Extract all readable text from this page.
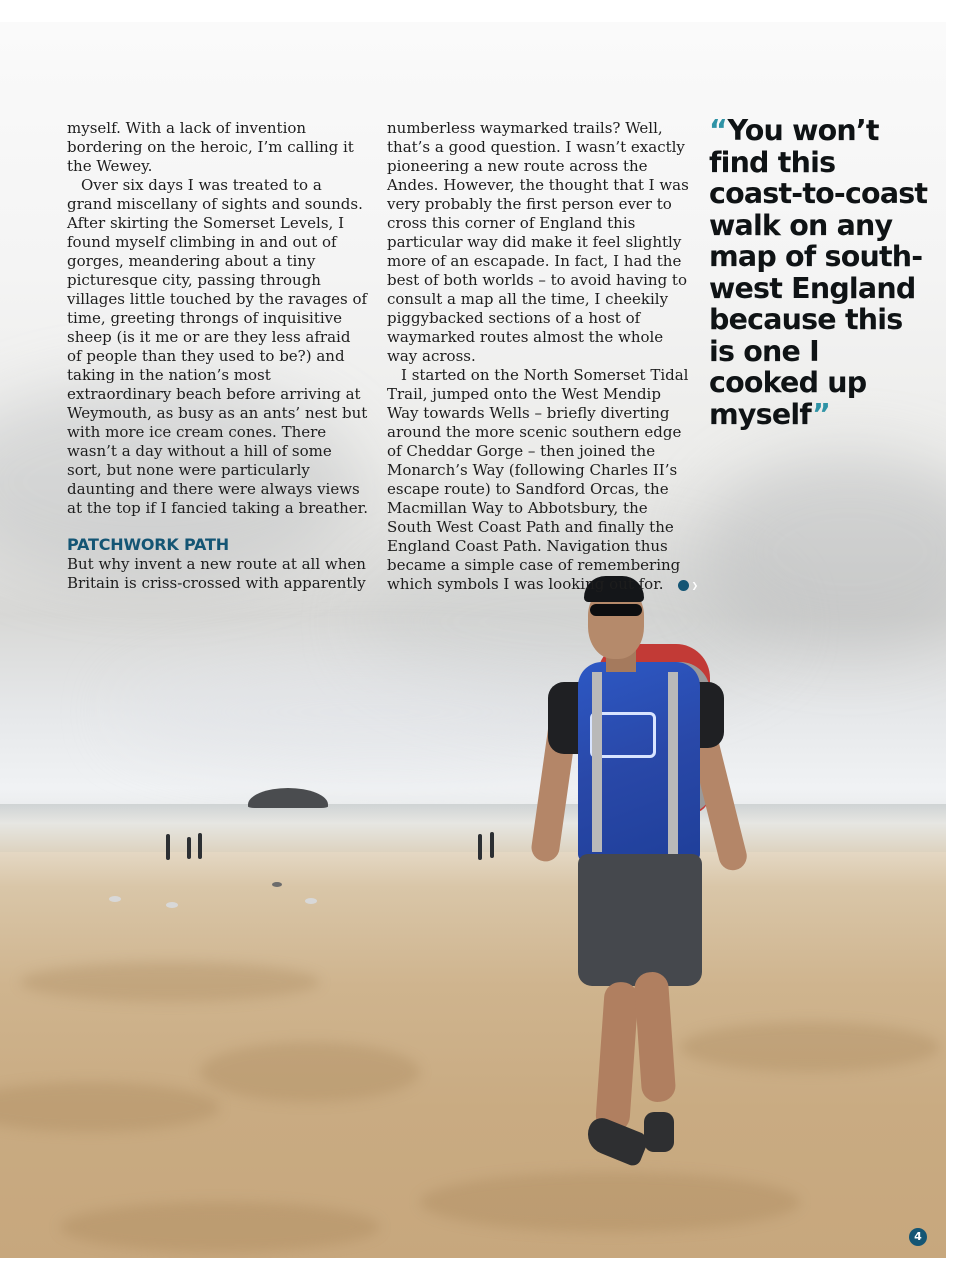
myself. With a lack of invention bordering on the heroic, I’m calling it the Wewey.

Over six days I was treated to a grand miscellany of sights and sounds. After skirting the Somerset Levels, I found myself climbing in and out of gorges, meandering about a tiny picturesque city, passing through villages little touched by the ravages of time, greeting throngs of inquisitive sheep (is it me or are they less afraid of people than they used to be?) and taking in the nation’s most extraordinary beach before arriving at Weymouth, as busy as an ants’ nest but with more ice cream cones. There wasn’t a day without a hill of some sort, but none were particularly daunting and there were always views at the top if I fancied taking a breather.

PATCHWORK PATH

But why invent a new route at all when Britain is criss-crossed with apparently

numberless waymarked trails? Well, that’s a good question. I wasn’t exactly pioneering a new route across the Andes. However, the thought that I was very probably the first person ever to cross this corner of England this particular way did make it feel slightly more of an escapade. In fact, I had the best of both worlds – to avoid having to consult a map all the time, I cheekily piggybacked sections of a host of waymarked routes almost the whole way across.

I started on the North Somerset Tidal Trail, jumped onto the West Mendip Way towards Wells – briefly diverting around the more scenic southern edge of Cheddar Gorge – then joined the Monarch’s Way (following Charles II’s escape route) to Sandford Orcas, the Macmillan Way to Abbotsbury, the South West Coast Path and finally the England Coast Path. Navigation thus became a simple case of remembering which symbols I was looking out for.	❯

“You won’t find this coast-to-coast walk on any map of south-west England because this is one I cooked up myself”

4
